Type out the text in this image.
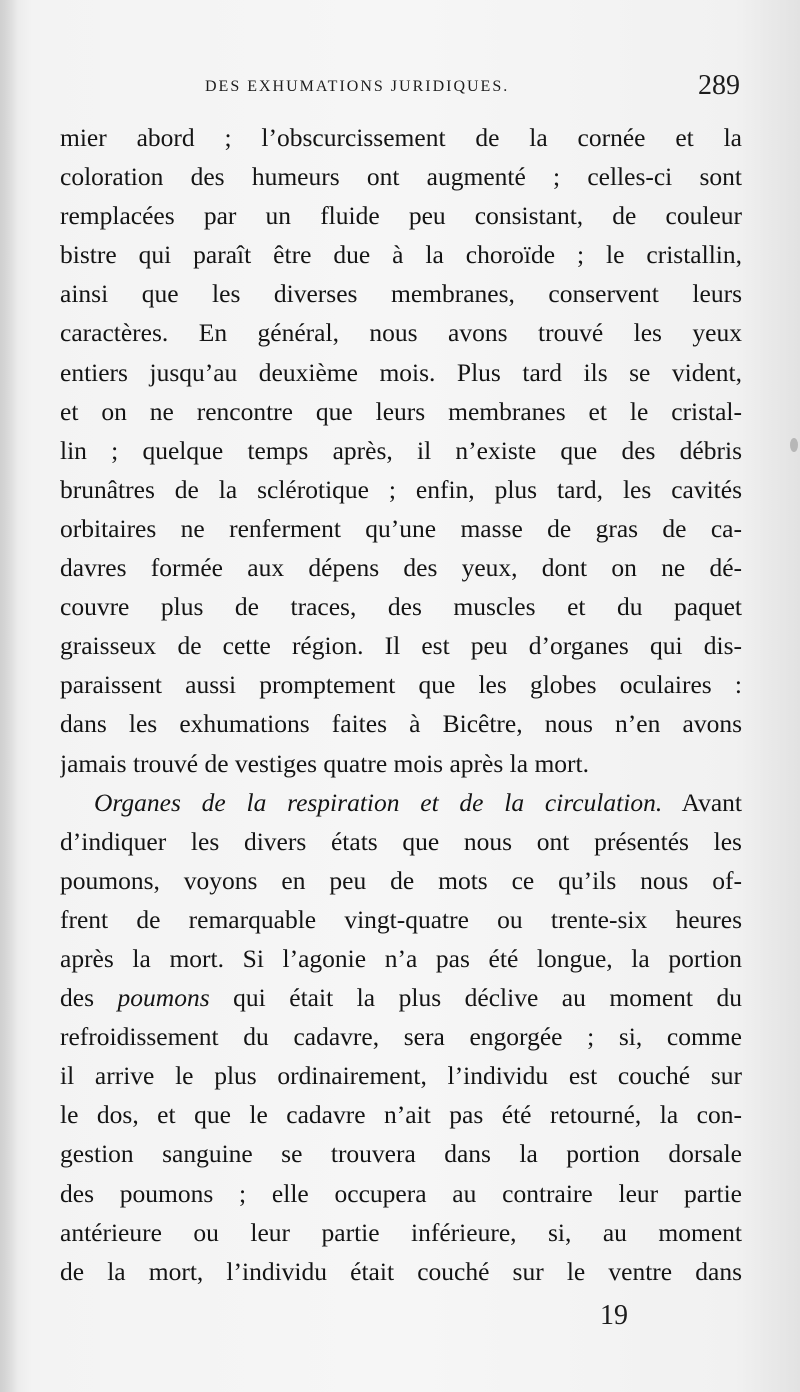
DES EXHUMATIONS JURIDIQUES.	289
mier abord ; l’obscurcissement de la cornée et la
coloration des humeurs ont augmenté ; celles-ci sont
remplacées par un fluide peu consistant, de couleur
bistre qui paraît être due à la choroïde ; le cristallin,
ainsi que les diverses membranes, conservent leurs
caractères. En général, nous avons trouvé les yeux
entiers jusqu’au deuxième mois. Plus tard ils se vident,
et on ne rencontre que leurs membranes et le cristal-
lin ; quelque temps après, il n’existe que des débris
brunâtres de la sclérotique ; enfin, plus tard, les cavités
orbitaires ne renferment qu’une masse de gras de ca-
davres formée aux dépens des yeux, dont on ne dé-
couvre plus de traces, des muscles et du paquet
graisseux de cette région. Il est peu d’organes qui dis-
paraissent aussi promptement que les globes oculaires :
dans les exhumations faites à Bicêtre, nous n’en avons
jamais trouvé de vestiges quatre mois après la mort.
Organes de la respiration et de la circulation. Avant
d’indiquer les divers états que nous ont présentés les
poumons, voyons en peu de mots ce qu’ils nous of-
frent de remarquable vingt-quatre ou trente-six heures
après la mort. Si l’agonie n’a pas été longue, la portion
des poumons qui était la plus déclive au moment du
refroidissement du cadavre, sera engorgée ; si, comme
il arrive le plus ordinairement, l’individu est couché sur
le dos, et que le cadavre n’ait pas été retourné, la con-
gestion sanguine se trouvera dans la portion dorsale
des poumons ; elle occupera au contraire leur partie
antérieure ou leur partie inférieure, si, au moment
de la mort, l’individu était couché sur le ventre dans
19
